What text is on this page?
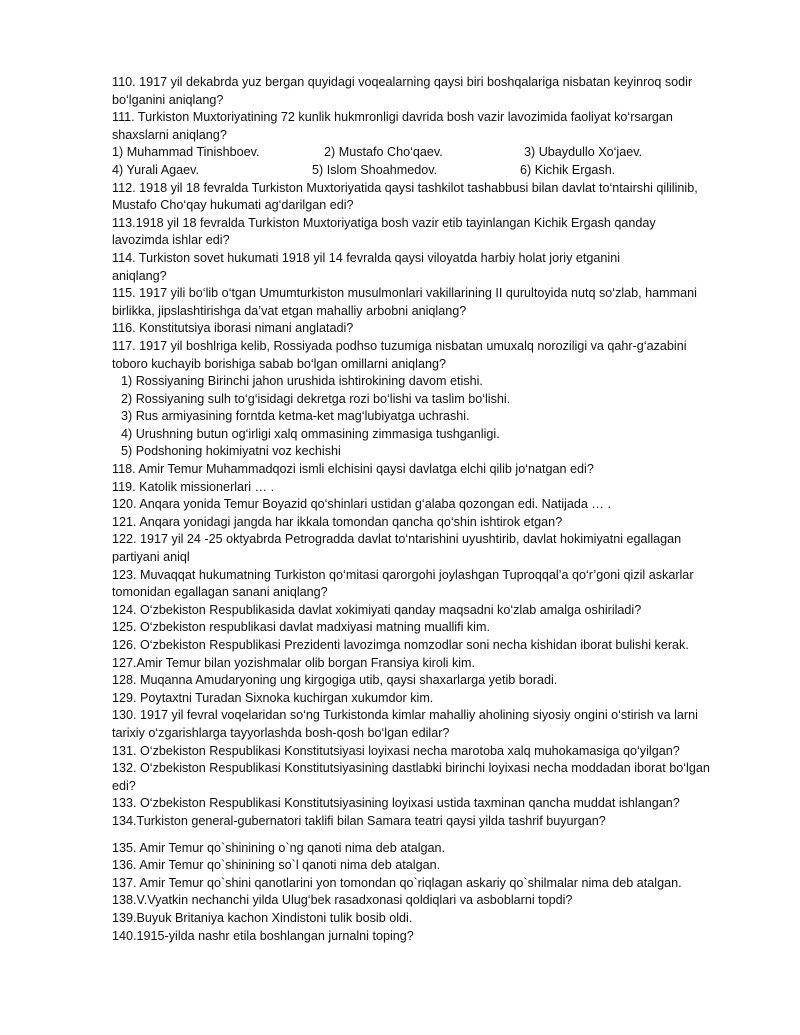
110. 1917 yil dekabrda yuz bergan quyidagi voqealarning qaysi biri boshqalariga nisbatan keyinroq sodir
bo‘lganini aniqlang?
111. Turkiston Muxtoriyatining 72 kunlik hukmronligi davrida bosh vazir lavozimida faoliyat ko‘rsargan
shaxslarni aniqlang?
1) Muhammad Tinishboev.	2) Mustafo Cho‘qaev.	3) Ubaydullo Xo‘jaev.
4) Yurali Agaev.	5) Islom Shoahmedov.	6) Kichik Ergash.
112. 1918 yil 18 fevralda Turkiston Muxtoriyatida qaysi tashkilot tashabbusi bilan davlat to‘ntairshi qililinib,
Mustafo Cho‘qay hukumati ag‘darilgan edi?
113.1918 yil 18 fevralda Turkiston Muxtoriyatiga bosh vazir etib tayinlangan Kichik Ergash qanday
lavozimda ishlar edi?
114. Turkiston sovet hukumati 1918 yil 14 fevralda qaysi viloyatda harbiy holat joriy etganini
aniqlang?
115. 1917 yili bo‘lib o‘tgan Umumturkiston musulmonlari vakillarining II qurultoyida nutq so‘zlab, hammani
birlikka, jipslashtirishga da’vat etgan mahalliy arbobni aniqlang?
116. Konstitutsiya iborasi nimani anglatadi?
117. 1917 yil boshlriga kelib, Rossiyada podhso tuzumiga nisbatan umuxalq noroziligi va qahr-g‘azabini
toboro kuchayib borishiga sabab bo‘lgan omillarni aniqlang?
1) Rossiyaning Birinchi jahon urushida ishtirokining davom etishi.
2) Rossiyaning sulh to‘g‘isidagi dekretga rozi bo‘lishi va taslim bo‘lishi.
3) Rus armiyasining forntda ketma-ket mag‘lubiyatga uchrashi.
4) Urushning butun og‘irligi xalq ommasining zimmasiga tushganligi.
5) Podshoning hokimiyatni voz kechishi
118. Amir Temur Muhammadqozi ismli elchisini qaysi davlatga elchi qilib jo‘natgan edi?
119. Katolik missionerlari … .
120. Anqara yonida Temur Boyazid qo‘shinlari ustidan g‘alaba qozongan edi. Natijada … .
121. Anqara yonidagi jangda har ikkala tomondan qancha qo‘shin ishtirok etgan?
122. 1917 yil 24 -25 oktyabrda Petrogradda davlat to‘ntarishini uyushtirib, davlat hokimiyatni egallagan
partiyani aniql
123. Muvaqqat hukumatning Turkiston qo‘mitasi qarorgohi joylashgan Tuproqqal’a qo‘r’goni qizil askarlar
tomonidan egallagan sanani aniqlang?
124. O‘zbekiston Respublikasida davlat xokimiyati qanday maqsadni ko‘zlab amalga oshiriladi?
125. O‘zbekiston respublikasi davlat madxiyasi matning muallifi kim.
126. O‘zbekiston Respublikasi Prezidenti lavozimga nomzodlar soni necha kishidan iborat bulishi kerak.
127.Amir Temur bilan yozishmalar olib borgan Fransiya kiroli kim.
128. Muqanna Amudaryoning ung kirgogiga utib, qaysi shaxarlarga yetib boradi.
129. Poytaxtni Turadan Sixnoka kuchirgan xukumdor kim.
130. 1917 yil fevral voqelaridan so‘ng Turkistonda kimlar mahalliy aholining siyosiy ongini o‘stirish va larni
tarixiy o‘zgarishlarga tayyorlashda bosh-qosh bo‘lgan edilar?
131. O‘zbekiston Respublikasi Konstitutsiyasi loyixasi necha marotoba xalq muhokamasiga qo‘yilgan?
132. O‘zbekiston Respublikasi Konstitutsiyasining dastlabki birinchi loyixasi necha moddadan iborat bo‘lgan
edi?
133. O‘zbekiston Respublikasi Konstitutsiyasining loyixasi ustida taxminan qancha muddat ishlangan?
134.Turkiston general-gubernatori taklifi bilan Samara teatri qaysi yilda tashrif buyurgan?
135. Amir Temur qo`shinining o`ng qanoti nima deb atalgan.
136. Amir Temur qo`shinining so`l qanoti nima deb atalgan.
137. Amir Temur qo`shini qanotlarini yon tomondan qo`riqlagan askariy qo`shilmalar nima deb atalgan.
138.V.Vyatkin nechanchi yilda Ulug‘bek rasadxonasi qoldiqlari va asboblarni topdi?
139.Buyuk Britaniya kachon Xindistoni tulik bosib oldi.
140.1915-yilda nashr etila boshlangan jurnalni toping?
